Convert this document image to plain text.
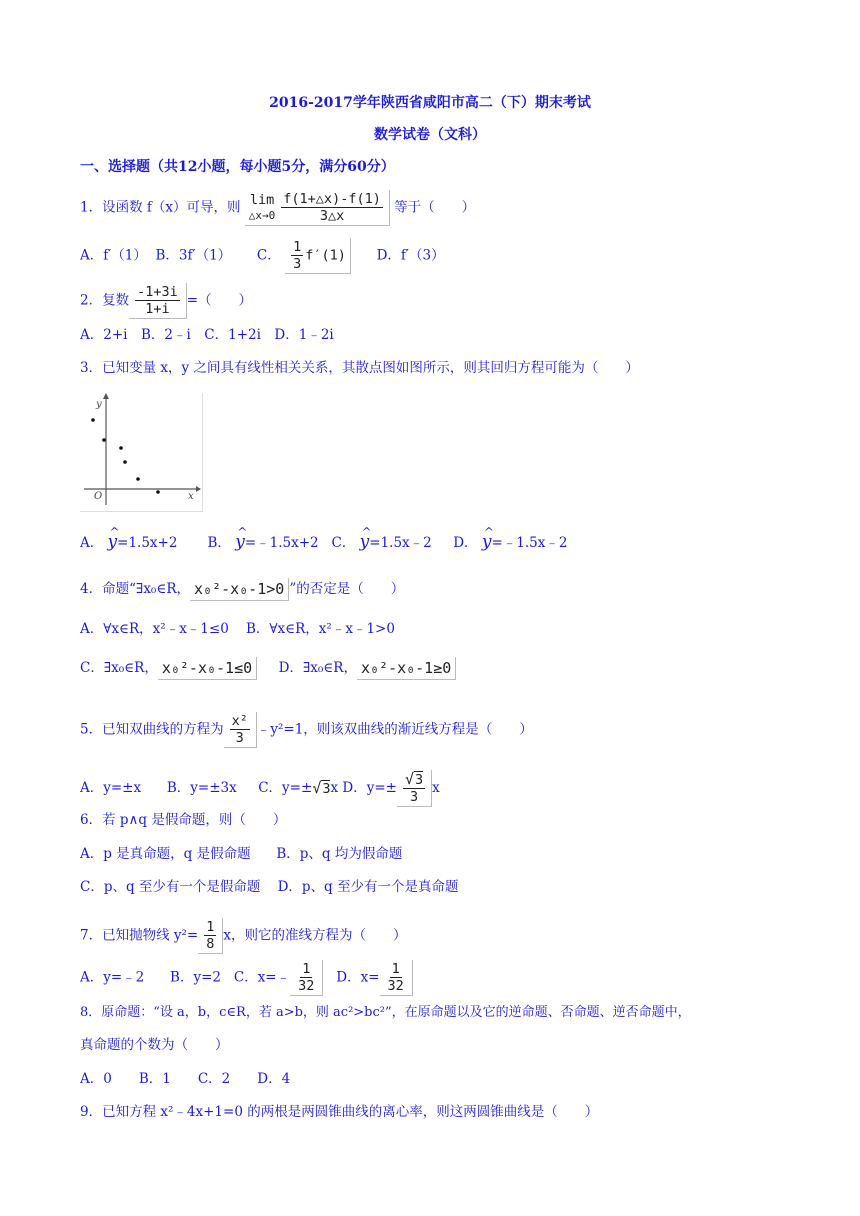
2016-2017学年陕西省咸阳市高二（下）期末考试
数学试卷（文科）
一、选择题（共12小题，每小题5分，满分60分）
1．设函数 f（x）可导，则 lim
△x→0 $\frac{f(1+\triangle x)-f(1)}{3\triangle x}$ 等于（　　）
A．f′（1） B．3f′（1） C． $\frac{1}{3} f'(1)$ D．f′（3）
2．复数 $\frac{-1+3i}{1+i}$ =（　　）
A．2+i　B．2﹣i　C．1+2i　D．1﹣2i
3．已知变量 x，y 之间具有线性相关关系，其散点图如图所示，则其回归方程可能为（　　）
y
x
O
A． ^ y=1.5x+2 B． ^ y=﹣1.5x+2 C． ^ y=1.5x﹣2 D． ^ y=﹣1.5x﹣2
4．命题“∃x₀∈R， x₀²-x₀-1>0 ”的否定是（　　）
A．∀x∈R，x²﹣x﹣1≤0 B．∀x∈R，x²﹣x﹣1>0
C．∃x₀∈R， x₀²-x₀-1≤0 D．∃x₀∈R， x₀²-x₀-1≥0
5．已知双曲线的方程为 $\frac{\text{x²}}{3}$ ﹣y²=1，则该双曲线的渐近线方程是（　　）
A．y=±x B．y=±3x C．y=±√3x D．$y=\pm \frac{√3}{3}$ x
6．若 p∧q 是假命题，则（　　）
A．p 是真命题，q 是假命题 B．p、q 均为假命题
C．p、q 至少有一个是假命题 D．p、q 至少有一个是真命题
7．已知抛物线 $y^2= \frac{1}{8}$ x，则它的准线方程为（　　）
A．y=﹣2 B．y=2 C．x=﹣ $\frac{1}{32}$ D．$x= \frac{1}{32}$
8．原命题：“设 a，b，c∈R，若 a>b，则 ac²>bc²”，在原命题以及它的逆命题、否命题、逆否命题中，
真命题的个数为（　　）
A．0　　B．1　　C．2　　D．4
9．已知方程 x²﹣4x+1=0 的两根是两圆锥曲线的离心率，则这两圆锥曲线是（　　）
